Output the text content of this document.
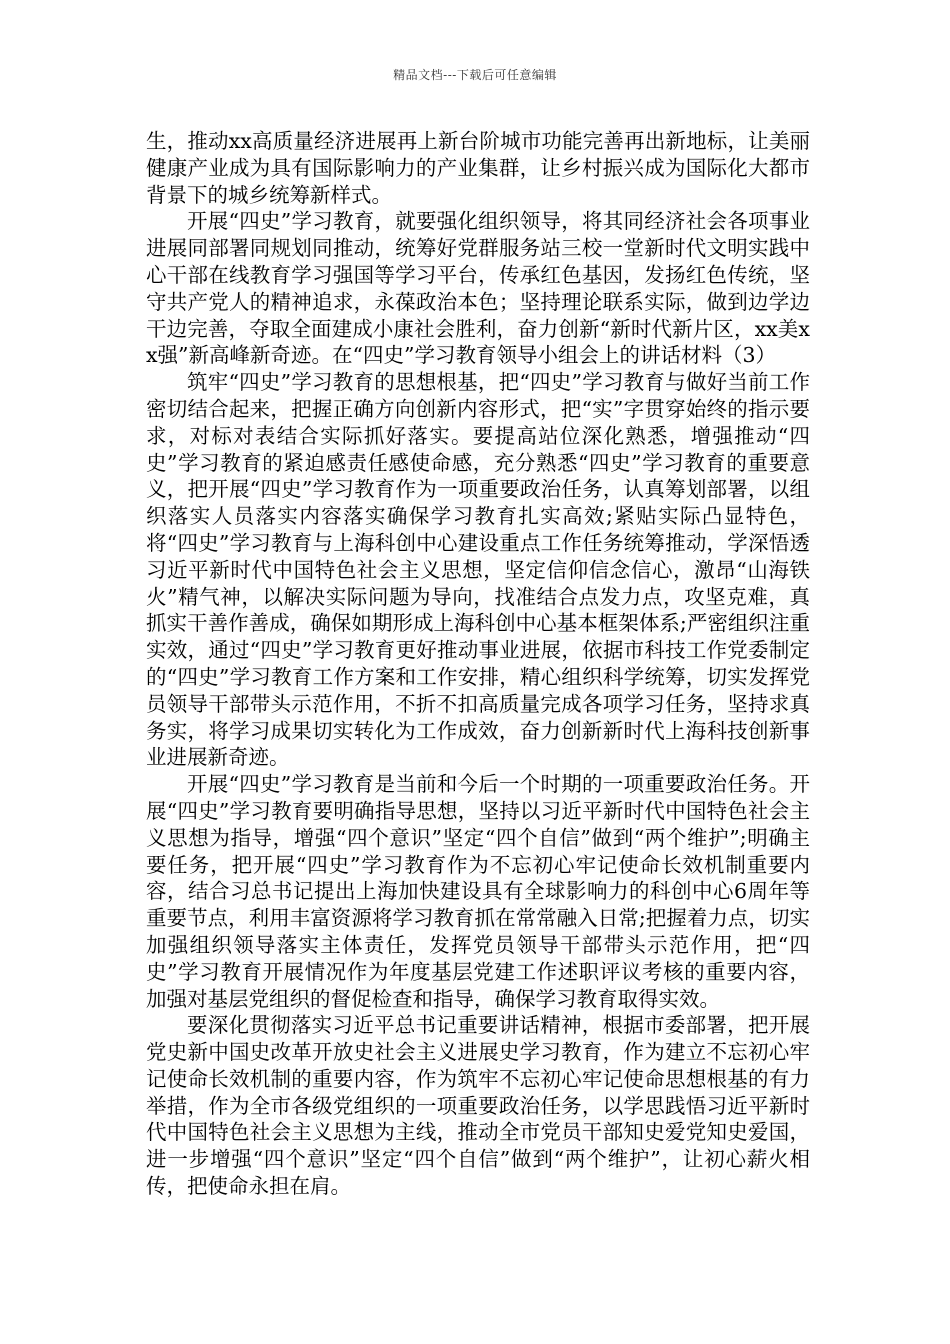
精品文档---下载后可任意编辑

生，推动xx高质量经济进展再上新台阶城市功能完善再出新地标，让美丽健康产业成为具有国际影响力的产业集群，让乡村振兴成为国际化大都市背景下的城乡统筹新样式。

开展“四史”学习教育，就要强化组织领导，将其同经济社会各项事业进展同部署同规划同推动，统筹好党群服务站三校一堂新时代文明实践中心干部在线教育学习强国等学习平台，传承红色基因，发扬红色传统，坚守共产党人的精神追求，永葆政治本色；坚持理论联系实际，做到边学边干边完善，夺取全面建成小康社会胜利，奋力创新“新时代新片区，xx美xx强”新高峰新奇迹。在“四史”学习教育领导小组会上的讲话材料（3）

筑牢“四史”学习教育的思想根基，把“四史”学习教育与做好当前工作密切结合起来，把握正确方向创新内容形式，把“实”字贯穿始终的指示要求，对标对表结合实际抓好落实。要提高站位深化熟悉，增强推动“四史”学习教育的紧迫感责任感使命感，充分熟悉“四史”学习教育的重要意义，把开展“四史”学习教育作为一项重要政治任务，认真筹划部署，以组织落实人员落实内容落实确保学习教育扎实高效;紧贴实际凸显特色，将“四史”学习教育与上海科创中心建设重点工作任务统筹推动，学深悟透习近平新时代中国特色社会主义思想，坚定信仰信念信心，激昂“山海铁火”精气神，以解决实际问题为导向，找准结合点发力点，攻坚克难，真抓实干善作善成，确保如期形成上海科创中心基本框架体系;严密组织注重实效，通过“四史”学习教育更好推动事业进展，依据市科技工作党委制定的“四史”学习教育工作方案和工作安排，精心组织科学统筹，切实发挥党员领导干部带头示范作用，不折不扣高质量完成各项学习任务，坚持求真务实，将学习成果切实转化为工作成效，奋力创新新时代上海科技创新事业进展新奇迹。

开展“四史”学习教育是当前和今后一个时期的一项重要政治任务。开展“四史”学习教育要明确指导思想，坚持以习近平新时代中国特色社会主义思想为指导，增强“四个意识”坚定“四个自信”做到“两个维护”;明确主要任务，把开展“四史”学习教育作为不忘初心牢记使命长效机制重要内容，结合习总书记提出上海加快建设具有全球影响力的科创中心6周年等重要节点，利用丰富资源将学习教育抓在常常融入日常;把握着力点，切实加强组织领导落实主体责任，发挥党员领导干部带头示范作用，把“四史”学习教育开展情况作为年度基层党建工作述职评议考核的重要内容，加强对基层党组织的督促检查和指导，确保学习教育取得实效。

要深化贯彻落实习近平总书记重要讲话精神，根据市委部署，把开展党史新中国史改革开放史社会主义进展史学习教育，作为建立不忘初心牢记使命长效机制的重要内容，作为筑牢不忘初心牢记使命思想根基的有力举措，作为全市各级党组织的一项重要政治任务，以学思践悟习近平新时代中国特色社会主义思想为主线，推动全市党员干部知史爱党知史爱国，进一步增强“四个意识”坚定“四个自信”做到“两个维护”，让初心薪火相传，把使命永担在肩。
